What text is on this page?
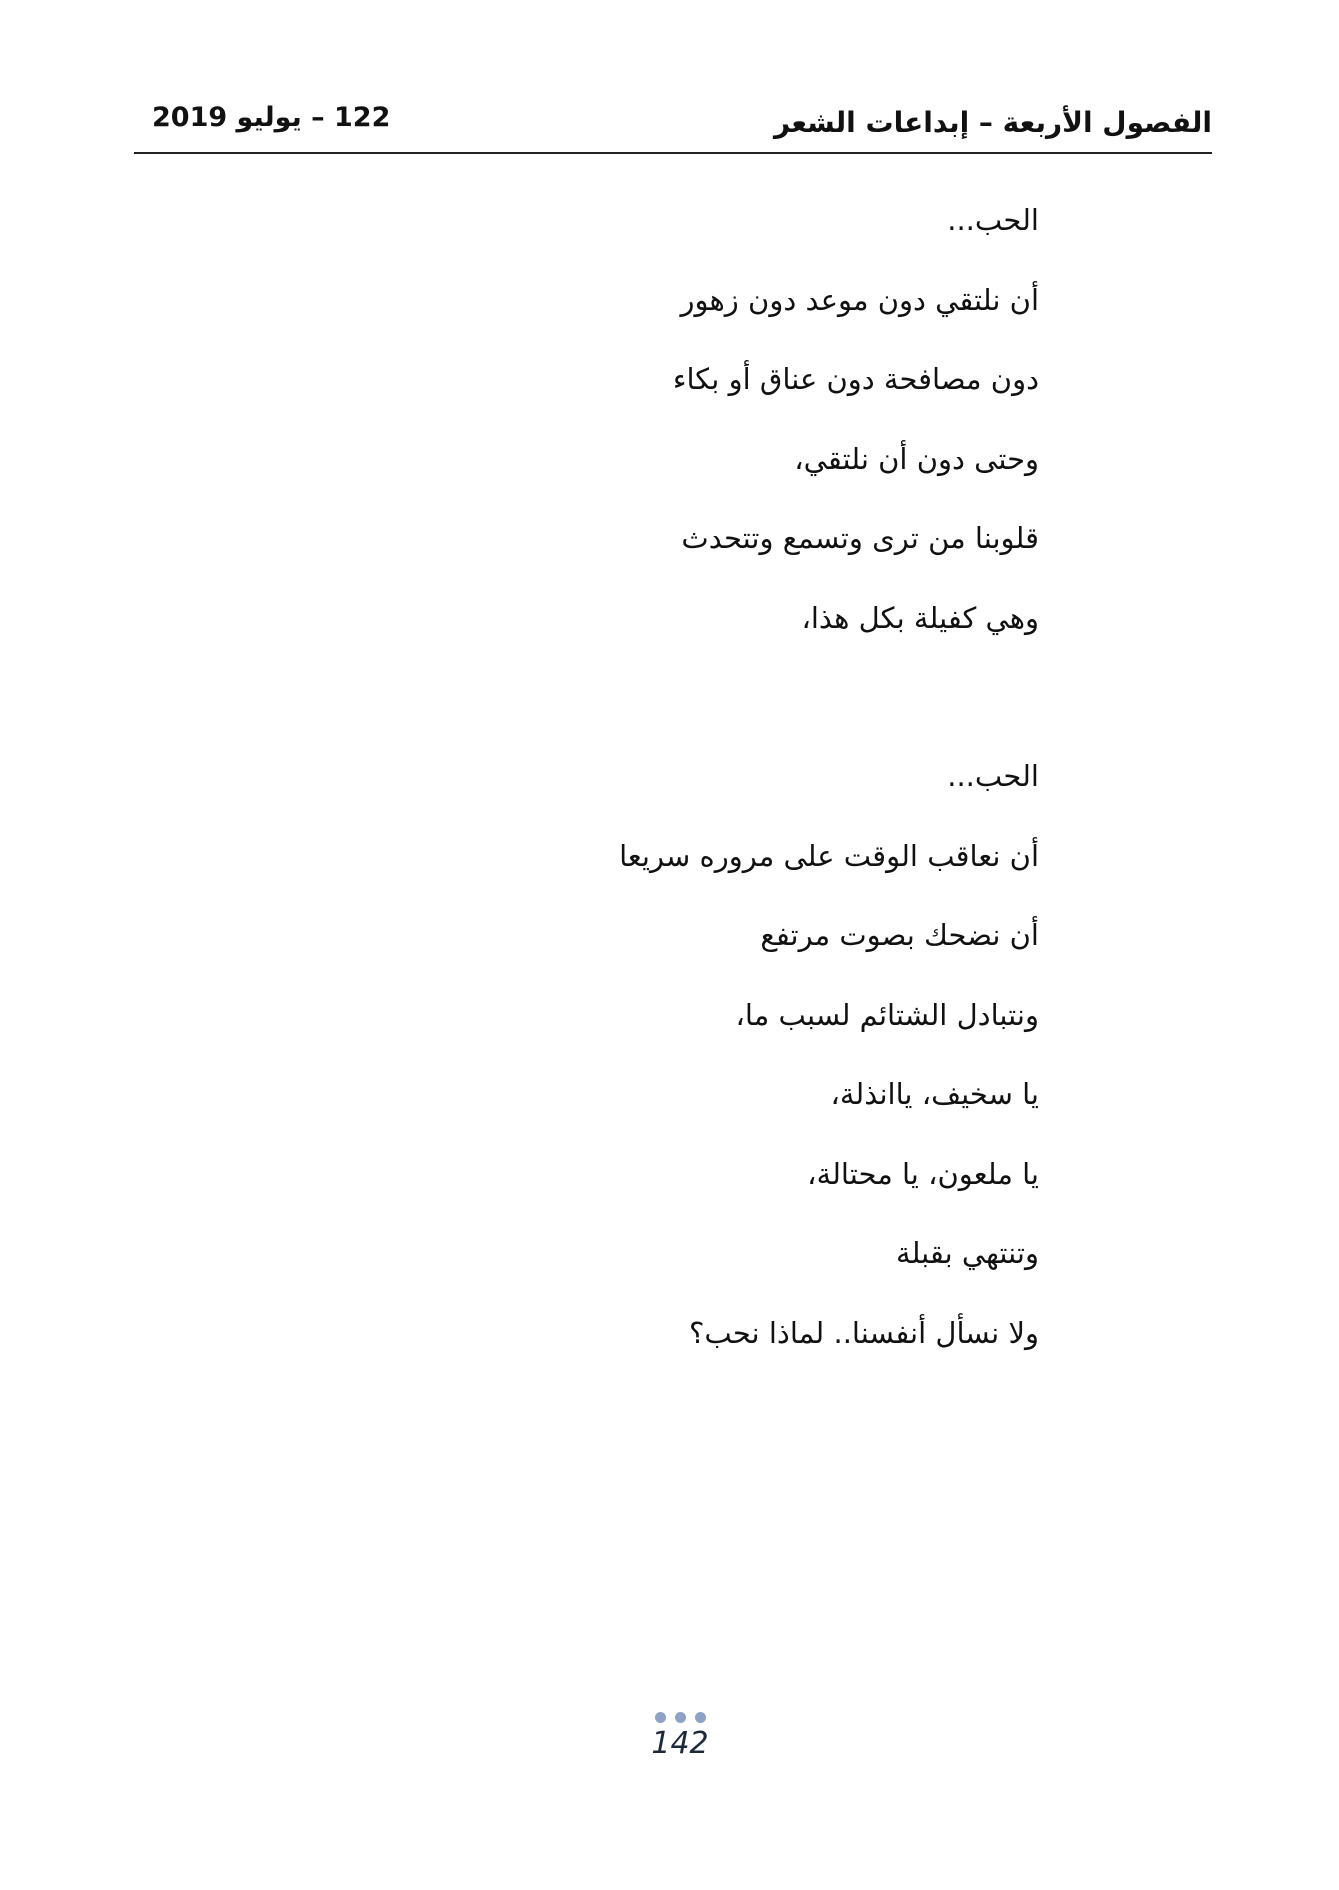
الفصول الأربعة – إبداعات الشعر
122 – يوليو 2019
الحب...
أن نلتقي دون موعد دون زهور
دون مصافحة دون عناق أو بكاء
وحتى دون أن نلتقي،
قلوبنا من ترى وتسمع وتتحدث
وهي كفيلة بكل هذا،
الحب...
أن نعاقب الوقت على مروره سريعا
أن نضحك بصوت مرتفع
ونتبادل الشتائم لسبب ما،
يا سخيف، ياانذلة،
يا ملعون، يا محتالة،
وتنتهي بقبلة
ولا نسأل أنفسنا.. لماذا نحب؟
142
